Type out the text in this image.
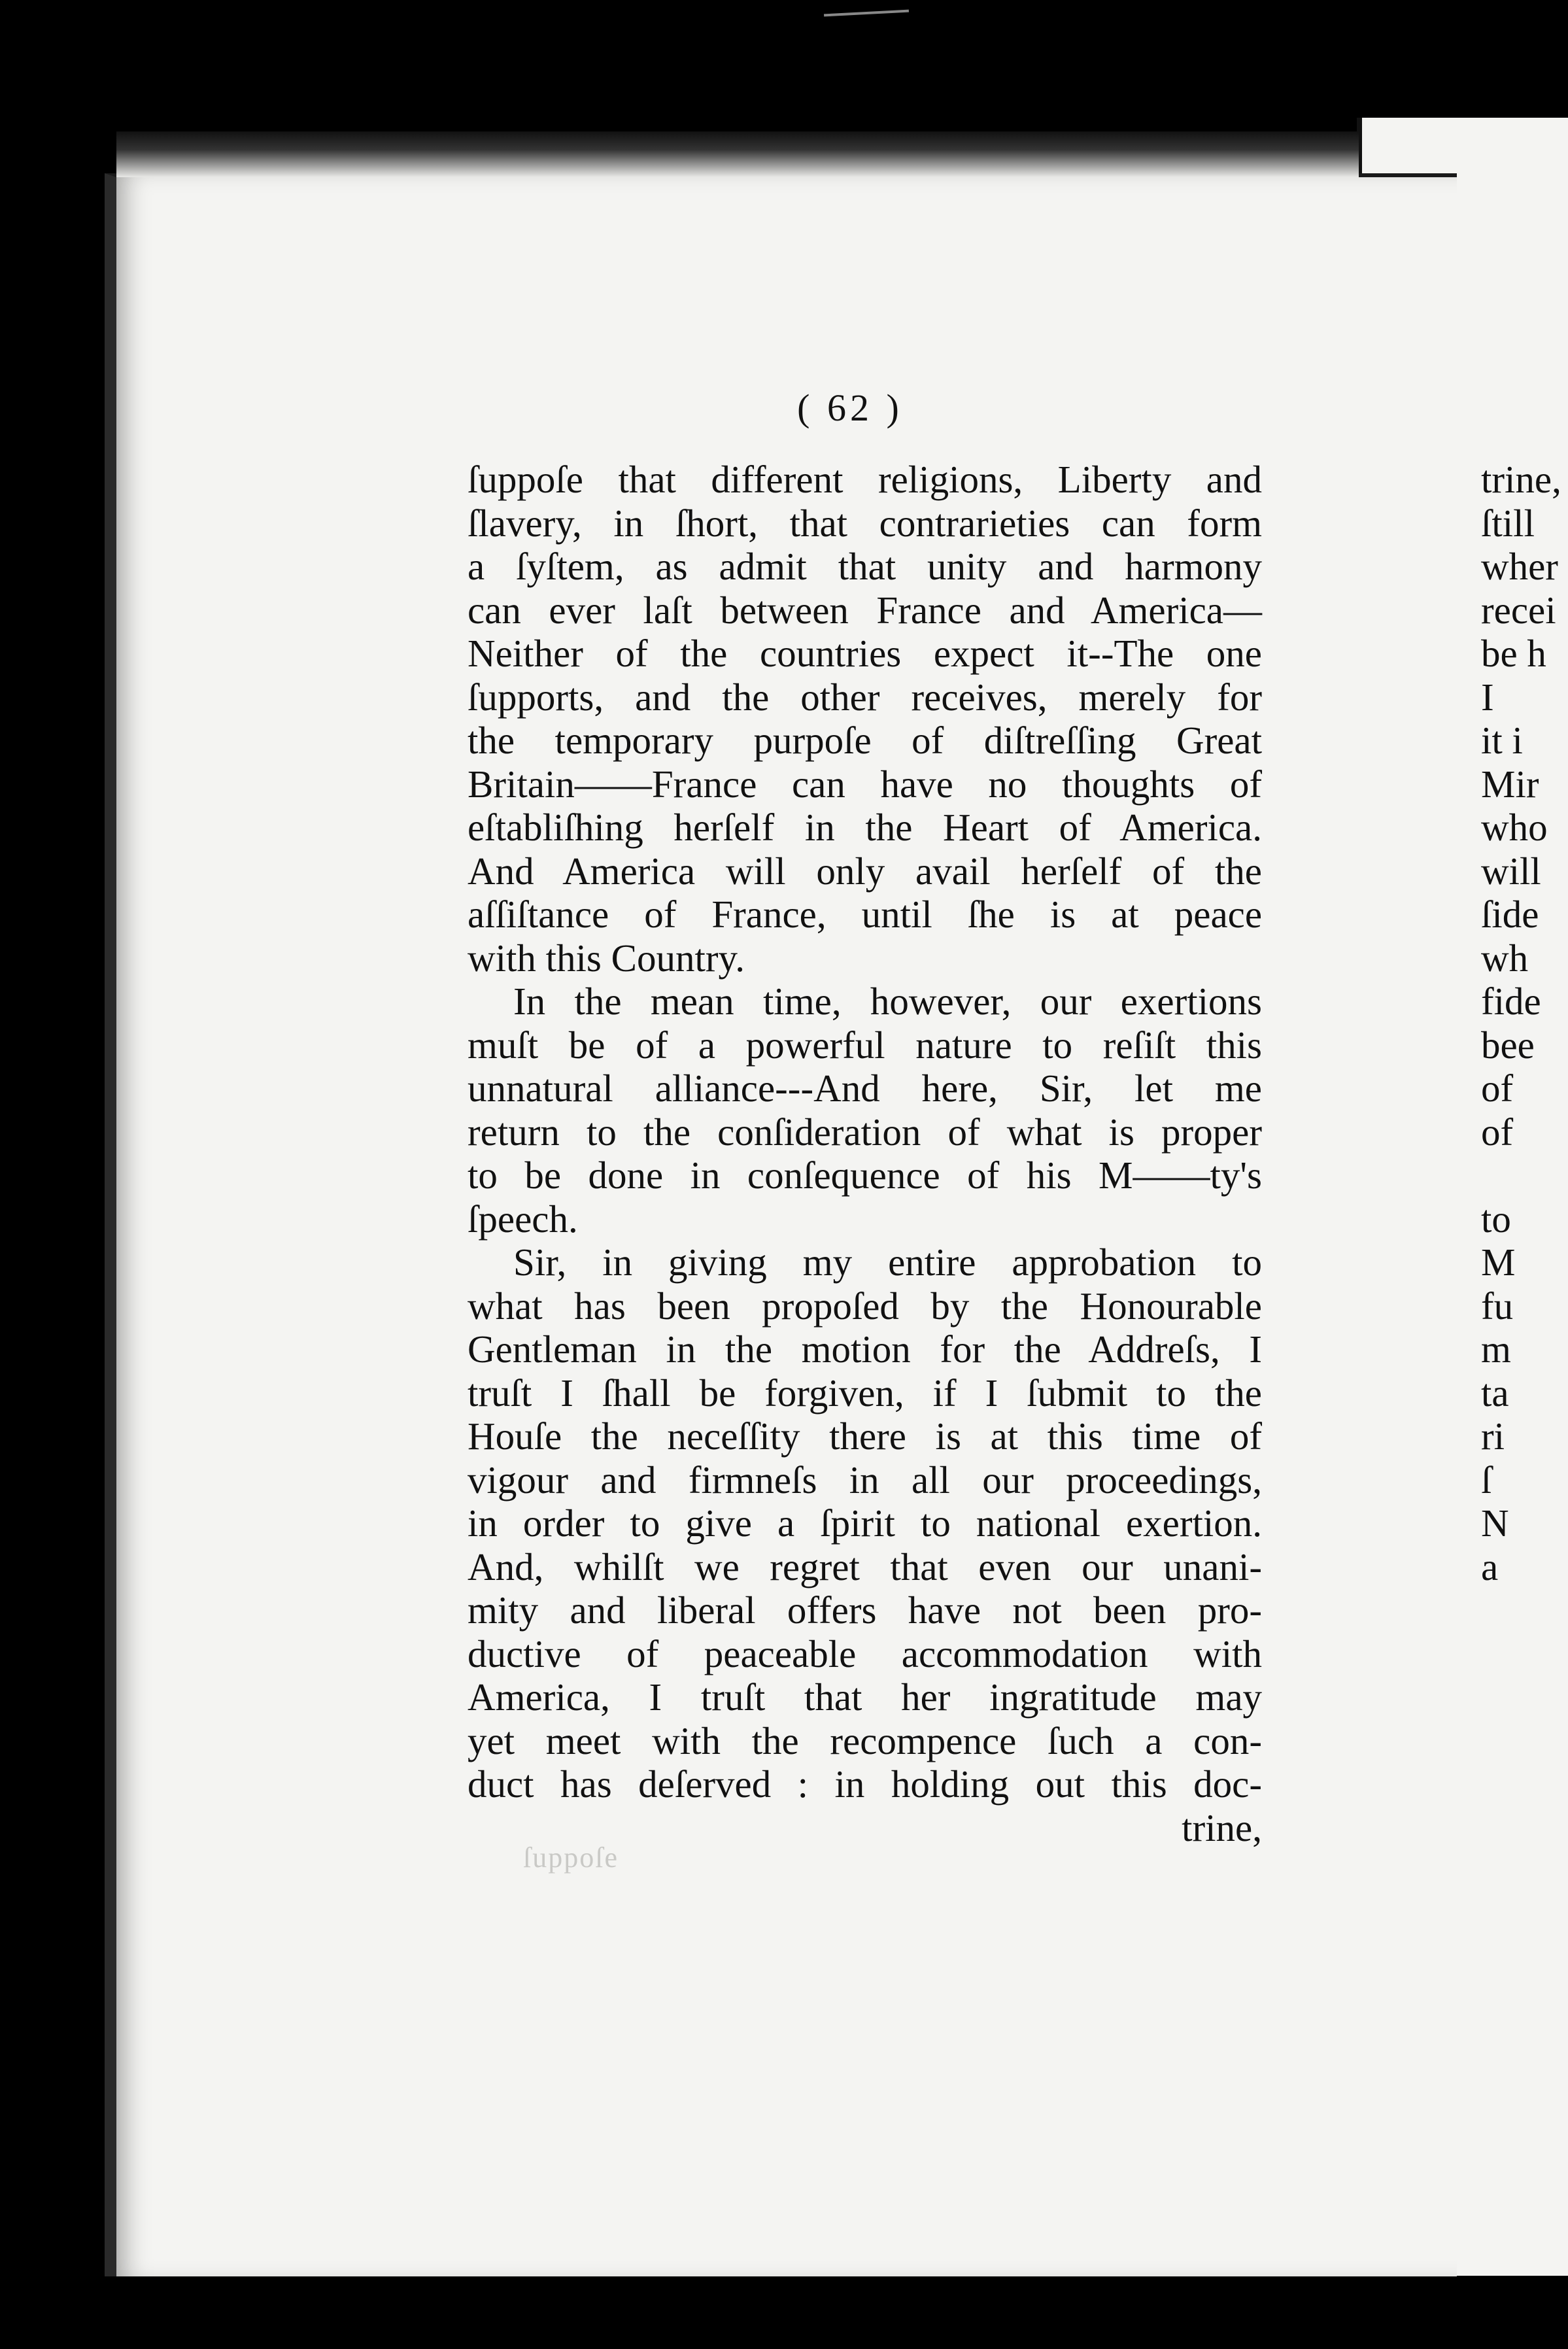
( 62 )
ſuppoſe that different religions, Liberty and
ſlavery, in ſhort, that contrarieties can form
a ſyſtem, as admit that unity and harmony
can ever laſt between France and America—
Neither of the countries expect it--The one
ſupports, and the other receives, merely for
the temporary purpoſe of diſtreſſing Great
Britain——France can have no thoughts of
eſtabliſhing herſelf in the Heart of America.
And America will only avail herſelf of the
aſſiſtance of France, until ſhe is at peace
with this Country.
In the mean time, however, our exertions
muſt be of a powerful nature to reſiſt this
unnatural alliance---And here, Sir, let me
return to the conſideration of what is proper
to be done in conſequence of his M——ty's
ſpeech.
Sir, in giving my entire approbation to
what has been propoſed by the Honourable
Gentleman in the motion for the Addreſs, I
truſt I ſhall be forgiven, if I ſubmit to the
Houſe the neceſſity there is at this time of
vigour and firmneſs in all our proceedings,
in order to give a ſpirit to national exertion.
And, whilſt we regret that even our unani-
mity and liberal offers have not been pro-
ductive of peaceable accommodation with
America, I truſt that her ingratitude may
yet meet with the recompence ſuch a con-
duct has deſerved : in holding out this doc-
trine,
ſuppoſe
trine,
ſtill
wher
recei
be h
I
it i
Mir
who
will
ſide
wh
fide
bee
of
of
to
M
fu
m
ta
ri
ſ
N
a
